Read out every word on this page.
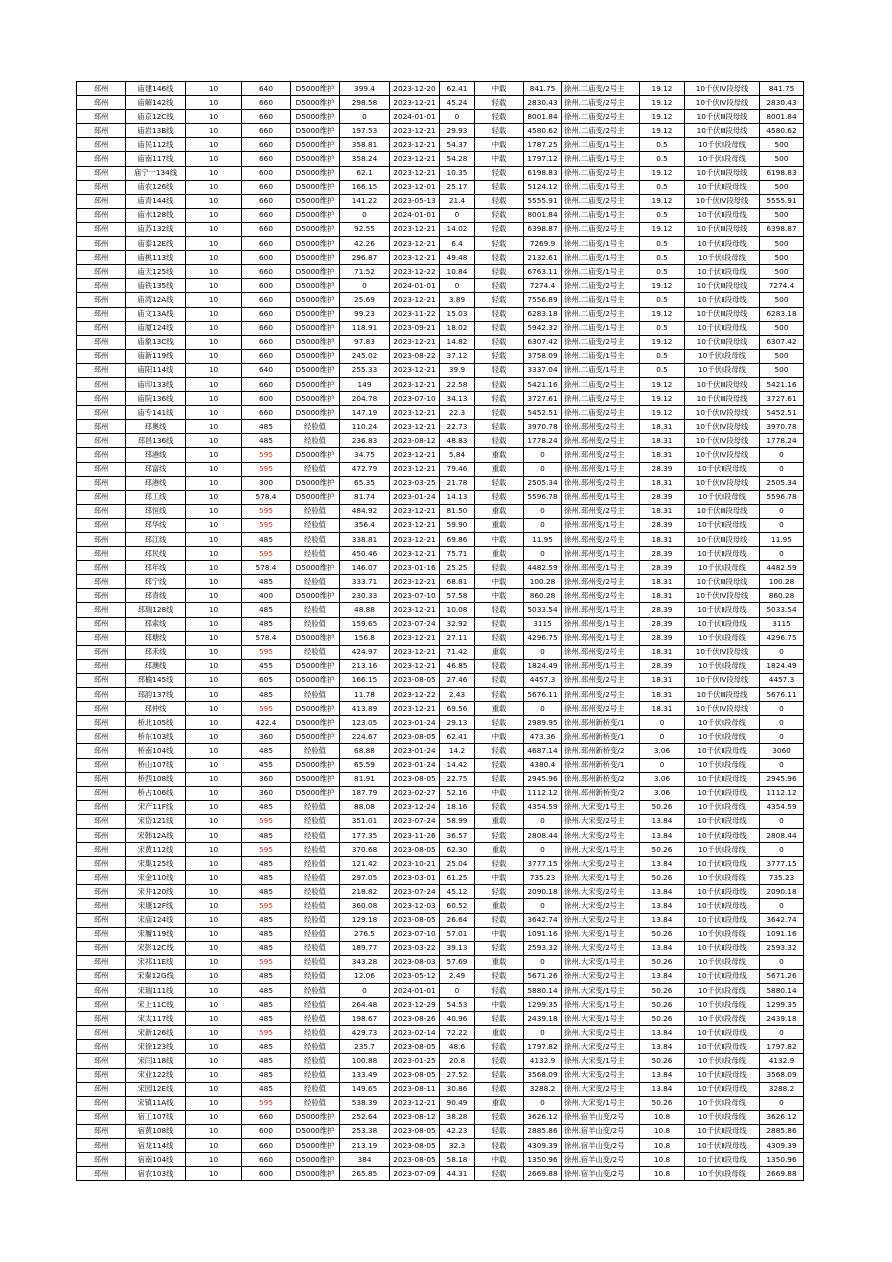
邳州	庙建146线	10	640	D5000维护	399.4	2023-12-20	62.41	中载	841.75	徐州.二庙变/2号主	19.12	10千伏Ⅳ段母线	841.75
邳州	庙解142线	10	660	D5000维护	298.58	2023-12-21	45.24	轻载	2830.43	徐州.二庙变/2号主	19.12	10千伏Ⅳ段母线	2830.43
邳州	庙京12C线	10	660	D5000维护	0	2024-01-01	0	轻载	8001.84	徐州.二庙变/2号主	19.12	10千伏Ⅲ段母线	8001.84
邳州	庙岩13B线	10	660	D5000维护	197.53	2023-12-21	29.93	轻载	4580.62	徐州.二庙变/2号主	19.12	10千伏Ⅲ段母线	4580.62
邳州	庙民112线	10	660	D5000维护	358.81	2023-12-21	54.37	中载	1787.25	徐州.二庙变/1号主	0.5	10千伏Ⅰ段母线	500
邳州	庙南117线	10	660	D5000维护	358.24	2023-12-21	54.28	中载	1797.12	徐州.二庙变/1号主	0.5	10千伏Ⅰ段母线	500
邳州	庙宁一134线	10	600	D5000维护	62.1	2023-12-21	10.35	轻载	6198.83	徐州.二庙变/2号主	19.12	10千伏Ⅲ段母线	6198.83
邳州	庙农126线	10	660	D5000维护	166.15	2023-12-01	25.17	轻载	5124.12	徐州.二庙变/1号主	0.5	10千伏Ⅱ段母线	500
邳州	庙青144线	10	660	D5000维护	141.22	2023-05-13	21.4	轻载	5555.91	徐州.二庙变/2号主	19.12	10千伏Ⅳ段母线	5555.91
邳州	庙水128线	10	660	D5000维护	0	2024-01-01	0	轻载	8001.84	徐州.二庙变/1号主	0.5	10千伏Ⅱ段母线	500
邳州	庙苏132线	10	660	D5000维护	92.55	2023-12-21	14.02	轻载	6398.87	徐州.二庙变/2号主	19.12	10千伏Ⅲ段母线	6398.87
邳州	庙泰12E线	10	660	D5000维护	42.26	2023-12-21	6.4	轻载	7269.9	徐州.二庙变/1号主	0.5	10千伏Ⅱ段母线	500
邳州	庙桃113线	10	600	D5000维护	296.87	2023-12-21	49.48	轻载	2132.61	徐州.二庙变/1号主	0.5	10千伏Ⅰ段母线	500
邳州	庙天125线	10	660	D5000维护	71.52	2023-12-22	10.84	轻载	6763.11	徐州.二庙变/1号主	0.5	10千伏Ⅱ段母线	500
邳州	庙铁135线	10	600	D5000维护	0	2024-01-01	0	轻载	7274.4	徐州.二庙变/2号主	19.12	10千伏Ⅲ段母线	7274.4
邳州	庙湾12A线	10	660	D5000维护	25.69	2023-12-21	3.89	轻载	7556.89	徐州.二庙变/1号主	0.5	10千伏Ⅱ段母线	500
邳州	庙文13A线	10	660	D5000维护	99.23	2023-11-22	15.03	轻载	6283.18	徐州.二庙变/2号主	19.12	10千伏Ⅲ段母线	6283.18
邳州	庙厦124线	10	660	D5000维护	118.91	2023-09-21	18.02	轻载	5942.32	徐州.二庙变/1号主	0.5	10千伏Ⅱ段母线	500
邳州	庙象13C线	10	660	D5000维护	97.83	2023-12-21	14.82	轻载	6307.42	徐州.二庙变/2号主	19.12	10千伏Ⅲ段母线	6307.42
邳州	庙新119线	10	660	D5000维护	245.02	2023-08-22	37.12	轻载	3758.09	徐州.二庙变/1号主	0.5	10千伏Ⅰ段母线	500
邳州	庙阳114线	10	640	D5000维护	255.33	2023-12-21	39.9	轻载	3337.04	徐州.二庙变/1号主	0.5	10千伏Ⅰ段母线	500
邳州	庙印133线	10	660	D5000维护	149	2023-12-21	22.58	轻载	5421.16	徐州.二庙变/2号主	19.12	10千伏Ⅲ段母线	5421.16
邳州	庙院136线	10	600	D5000维护	204.78	2023-07-10	34.13	轻载	3727.61	徐州.二庙变/2号主	19.12	10千伏Ⅲ段母线	3727.61
邳州	庙专141线	10	660	D5000维护	147.19	2023-12-21	22.3	轻载	5452.51	徐州.二庙变/2号主	19.12	10千伏Ⅳ段母线	5452.51
邳州	邳奥线	10	485	经验值	110.24	2023-12-21	22.73	轻载	3970.78	徐州.邳州变/2号主	18.31	10千伏Ⅳ段母线	3970.78
邳州	邳昌136线	10	485	经验值	236.83	2023-08-12	48.83	轻载	1778.24	徐州.邳州变/2号主	18.31	10千伏Ⅳ段母线	1778.24
邳州	邳港线	10	595	D5000维护	34.75	2023-12-21	5.84	重载	0	徐州.邳州变/2号主	18.31	10千伏Ⅳ段母线	0
邳州	邳富线	10	595	经验值	472.79	2023-12-21	79.46	重载	0	徐州.邳州变/1号主	28.39	10千伏Ⅱ段母线	0
邳州	邳港线	10	300	D5000维护	65.35	2023-03-25	21.78	轻载	2505.34	徐州.邳州变/2号主	18.31	10千伏Ⅳ段母线	2505.34
邳州	邳工线	10	578.4	D5000维护	81.74	2023-01-24	14.13	轻载	5596.78	徐州.邳州变/1号主	28.39	10千伏Ⅰ段母线	5596.78
邳州	邳恒线	10	595	经验值	484.92	2023-12-21	81.50	重载	0	徐州.邳州变/2号主	18.31	10千伏Ⅲ段母线	0
邳州	邳华线	10	595	经验值	356.4	2023-12-21	59.90	重载	0	徐州.邳州变/1号主	28.39	10千伏Ⅱ段母线	0
邳州	邳江线	10	485	经验值	338.81	2023-12-21	69.86	中载	11.95	徐州.邳州变/2号主	18.31	10千伏Ⅲ段母线	11.95
邳州	邳民线	10	595	经验值	450.46	2023-12-21	75.71	重载	0	徐州.邳州变/1号主	28.39	10千伏Ⅱ段母线	0
邳州	邳年线	10	578.4	D5000维护	146.07	2023-01-16	25.25	轻载	4482.59	徐州.邳州变/1号主	28.39	10千伏Ⅰ段母线	4482.59
邳州	邳宁线	10	485	经验值	333.71	2023-12-21	68.81	中载	100.28	徐州.邳州变/2号主	18.31	10千伏Ⅲ段母线	100.28
邳州	邳青线	10	400	D5000维护	230.33	2023-07-10	57.58	中载	860.28	徐州.邳州变/2号主	18.31	10千伏Ⅳ段母线	860.28
邳州	邳瑞128线	10	485	经验值	48.88	2023-12-21	10.08	轻载	5033.54	徐州.邳州变/1号主	28.39	10千伏Ⅱ段母线	5033.54
邳州	邳索线	10	485	经验值	159.65	2023-07-24	32.92	轻载	3115	徐州.邳州变/1号主	28.39	10千伏Ⅱ段母线	3115
邳州	邳塘线	10	578.4	D5000维护	156.8	2023-12-21	27.11	轻载	4296.75	徐州.邳州变/1号主	28.39	10千伏Ⅰ段母线	4296.75
邳州	邳禾线	10	595	经验值	424.97	2023-12-21	71.42	重载	0	徐州.邳州变/2号主	18.31	10千伏Ⅳ段母线	0
邳州	邳澳线	10	455	D5000维护	213.16	2023-12-21	46.85	轻载	1824.49	徐州.邳州变/1号主	28.39	10千伏Ⅰ段母线	1824.49
邳州	邳榆145线	10	605	D5000维护	166.15	2023-08-05	27.46	轻载	4457.3	徐州.邳州变/2号主	18.31	10千伏Ⅳ段母线	4457.3
邳州	邳韵137线	10	485	经验值	11.78	2023-12-22	2.43	轻载	5676.11	徐州.邳州变/2号主	18.31	10千伏Ⅲ段母线	5676.11
邳州	邳仲线	10	595	D5000维护	413.89	2023-12-21	69.56	重载	0	徐州.邳州变/2号主	18.31	10千伏Ⅳ段母线	0
邳州	桥北105线	10	422.4	D5000维护	123.05	2023-01-24	29.13	轻载	2989.95	徐州.邳州新桥变/1	0	10千伏Ⅰ段母线	0
邳州	桥东103线	10	360	D5000维护	224.67	2023-08-05	62.41	中载	473.36	徐州.邳州新桥变/1	0	10千伏Ⅰ段母线	0
邳州	桥南104线	10	485	经验值	68.88	2023-01-24	14.2	轻载	4687.14	徐州.邳州新桥变/2	3.06	10千伏Ⅱ段母线	3060
邳州	桥山107线	10	455	D5000维护	65.59	2023-01-24	14.42	轻载	4380.4	徐州.邳州新桥变/1	0	10千伏Ⅰ段母线	0
邳州	桥西108线	10	360	D5000维护	81.91	2023-08-05	22.75	轻载	2945.96	徐州.邳州新桥变/2	3.06	10千伏Ⅱ段母线	2945.96
邳州	桥占106线	10	360	D5000维护	187.79	2023-02-27	52.16	中载	1112.12	徐州.邳州新桥变/2	3.06	10千伏Ⅱ段母线	1112.12
邳州	宋产11F线	10	485	经验值	88.08	2023-12-24	18.16	轻载	4354.59	徐州.大宋变/1号主	50.26	10千伏Ⅰ段母线	4354.59
邳州	宋岱121线	10	595	经验值	351.01	2023-07-24	58.99	重载	0	徐州.大宋变/2号主	13.84	10千伏Ⅱ段母线	0
邳州	宋韩12A线	10	485	经验值	177.35	2023-11-26	36.57	轻载	2808.44	徐州.大宋变/2号主	13.84	10千伏Ⅱ段母线	2808.44
邳州	宋黄112线	10	595	经验值	370.68	2023-08-05	62.30	重载	0	徐州.大宋变/1号主	50.26	10千伏Ⅰ段母线	0
邳州	宋集125线	10	485	经验值	121.42	2023-10-21	25.04	轻载	3777.15	徐州.大宋变/2号主	13.84	10千伏Ⅱ段母线	3777.15
邳州	宋金110线	10	485	经验值	297.05	2023-03-01	61.25	中载	735.23	徐州.大宋变/1号主	50.26	10千伏Ⅰ段母线	735.23
邳州	宋井120线	10	485	经验值	218.82	2023-07-24	45.12	轻载	2090.18	徐州.大宋变/2号主	13.84	10千伏Ⅱ段母线	2090.18
邳州	宋康12F线	10	595	经验值	360.08	2023-12-03	60.52	重载	0	徐州.大宋变/2号主	13.84	10千伏Ⅱ段母线	0
邳州	宋庙124线	10	485	经验值	129.18	2023-08-05	26.64	轻载	3642.74	徐州.大宋变/2号主	13.84	10千伏Ⅱ段母线	3642.74
邳州	宋履119线	10	485	经验值	276.5	2023-07-10	57.01	中载	1091.16	徐州.大宋变/1号主	50.26	10千伏Ⅰ段母线	1091.16
邳州	宋彭12C线	10	485	经验值	189.77	2023-03-22	39.13	轻载	2593.32	徐州.大宋变/2号主	13.84	10千伏Ⅱ段母线	2593.32
邳州	宋祁11E线	10	595	经验值	343.28	2023-08-03	57.69	重载	0	徐州.大宋变/1号主	50.26	10千伏Ⅰ段母线	0
邳州	宋秦12G线	10	485	经验值	12.06	2023-05-12	2.49	轻载	5671.26	徐州.大宋变/2号主	13.84	10千伏Ⅱ段母线	5671.26
邳州	宋瑞111线	10	485	经验值	0	2024-01-01	0	轻载	5880.14	徐州.大宋变/1号主	50.26	10千伏Ⅰ段母线	5880.14
邳州	宋上11C线	10	485	经验值	264.48	2023-12-29	54.53	中载	1299.35	徐州.大宋变/1号主	50.26	10千伏Ⅰ段母线	1299.35
邳州	宋太117线	10	485	经验值	198.67	2023-08-26	40.96	轻载	2439.18	徐州.大宋变/1号主	50.26	10千伏Ⅰ段母线	2439.18
邳州	宋新126线	10	595	经验值	429.73	2023-02-14	72.22	重载	0	徐州.大宋变/2号主	13.84	10千伏Ⅱ段母线	0
邳州	宋徐123线	10	485	经验值	235.7	2023-08-05	48.6	轻载	1797.82	徐州.大宋变/2号主	13.84	10千伏Ⅱ段母线	1797.82
邳州	宋闫118线	10	485	经验值	100.88	2023-01-25	20.8	轻载	4132.9	徐州.大宋变/1号主	50.26	10千伏Ⅰ段母线	4132.9
邳州	宋业122线	10	485	经验值	133.49	2023-08-05	27.52	轻载	3568.09	徐州.大宋变/2号主	13.84	10千伏Ⅱ段母线	3568.09
邳州	宋园12E线	10	485	经验值	149.65	2023-08-11	30.86	轻载	3288.2	徐州.大宋变/2号主	13.84	10千伏Ⅱ段母线	3288.2
邳州	宋镇11A线	10	595	经验值	538.39	2023-12-21	90.49	重载	0	徐州.大宋变/1号主	50.26	10千伏Ⅰ段母线	0
邳州	宿工107线	10	660	D5000维护	252.64	2023-08-12	38.28	轻载	3626.12	徐州.宿羊山变/2号	10.8	10千伏Ⅰ段母线	3626.12
邳州	宿黄108线	10	600	D5000维护	253.38	2023-08-05	42.23	轻载	2885.86	徐州.宿羊山变/2号	10.8	10千伏Ⅱ段母线	2885.86
邳州	宿龙114线	10	660	D5000维护	213.19	2023-08-05	32.3	轻载	4309.39	徐州.宿羊山变/2号	10.8	10千伏Ⅱ段母线	4309.39
邳州	宿南104线	10	660	D5000维护	384	2023-08-05	58.18	中载	1350.96	徐州.宿羊山变/2号	10.8	10千伏Ⅱ段母线	1350.96
邳州	宿农103线	10	600	D5000维护	265.85	2023-07-09	44.31	轻载	2669.88	徐州.宿羊山变/2号	10.8	10千伏Ⅰ段母线	2669.88
